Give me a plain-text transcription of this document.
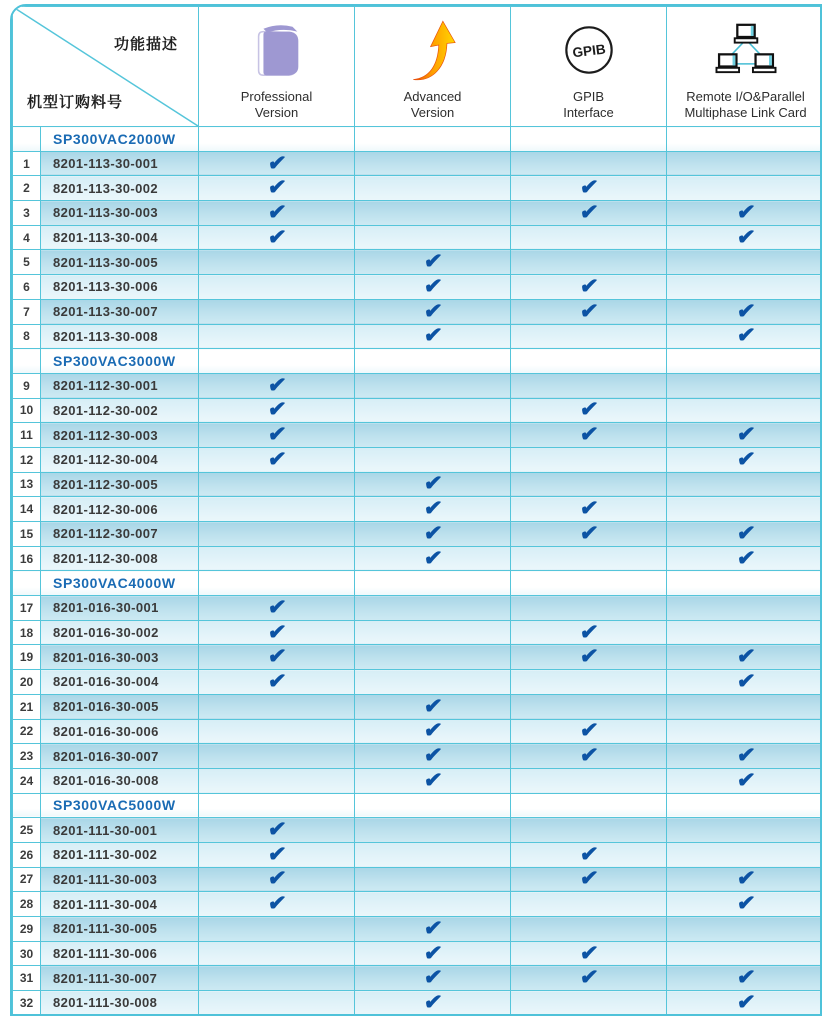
功能描述
机型订购料号	Professional
Version

Advanced
Version

GPIB
GPIB
Interface

Remote I/O&Parallel
Multiphase Link Card

	SP300VAC2000W				
1	8201-113-30-001	✔			
2	8201-113-30-002	✔		✔	
3	8201-113-30-003	✔		✔	✔
4	8201-113-30-004	✔			✔
5	8201-113-30-005		✔		
6	8201-113-30-006		✔	✔	
7	8201-113-30-007		✔	✔	✔
8	8201-113-30-008		✔		✔
	SP300VAC3000W				
9	8201-112-30-001	✔			
10	8201-112-30-002	✔		✔	
11	8201-112-30-003	✔		✔	✔
12	8201-112-30-004	✔			✔
13	8201-112-30-005		✔		
14	8201-112-30-006		✔	✔	
15	8201-112-30-007		✔	✔	✔
16	8201-112-30-008		✔		✔
	SP300VAC4000W				
17	8201-016-30-001	✔			
18	8201-016-30-002	✔		✔	
19	8201-016-30-003	✔		✔	✔
20	8201-016-30-004	✔			✔
21	8201-016-30-005		✔		
22	8201-016-30-006		✔	✔	
23	8201-016-30-007		✔	✔	✔
24	8201-016-30-008		✔		✔
	SP300VAC5000W				
25	8201-111-30-001	✔			
26	8201-111-30-002	✔		✔	
27	8201-111-30-003	✔		✔	✔
28	8201-111-30-004	✔			✔
29	8201-111-30-005		✔		
30	8201-111-30-006		✔	✔	
31	8201-111-30-007		✔	✔	✔
32	8201-111-30-008		✔		✔
